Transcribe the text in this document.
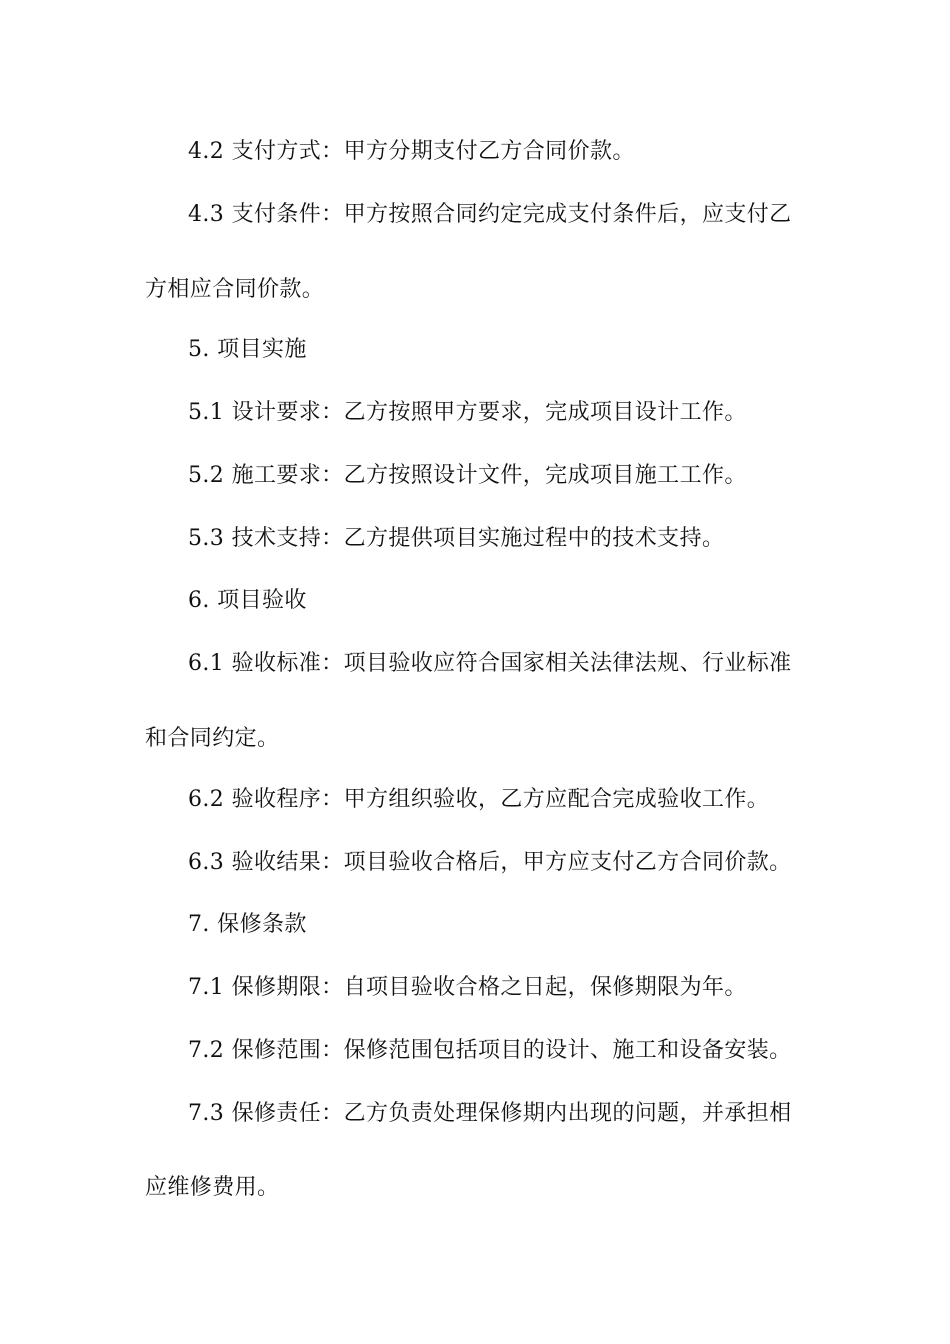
4.2 支付方式：甲方分期支付乙方合同价款。
4.3 支付条件：甲方按照合同约定完成支付条件后，应支付乙
方相应合同价款。
5. 项目实施
5.1 设计要求：乙方按照甲方要求，完成项目设计工作。
5.2 施工要求：乙方按照设计文件，完成项目施工工作。
5.3 技术支持：乙方提供项目实施过程中的技术支持。
6. 项目验收
6.1 验收标准：项目验收应符合国家相关法律法规、行业标准
和合同约定。
6.2 验收程序：甲方组织验收，乙方应配合完成验收工作。
6.3 验收结果：项目验收合格后，甲方应支付乙方合同价款。
7. 保修条款
7.1 保修期限：自项目验收合格之日起，保修期限为年。
7.2 保修范围：保修范围包括项目的设计、施工和设备安装。
7.3 保修责任：乙方负责处理保修期内出现的问题，并承担相
应维修费用。
